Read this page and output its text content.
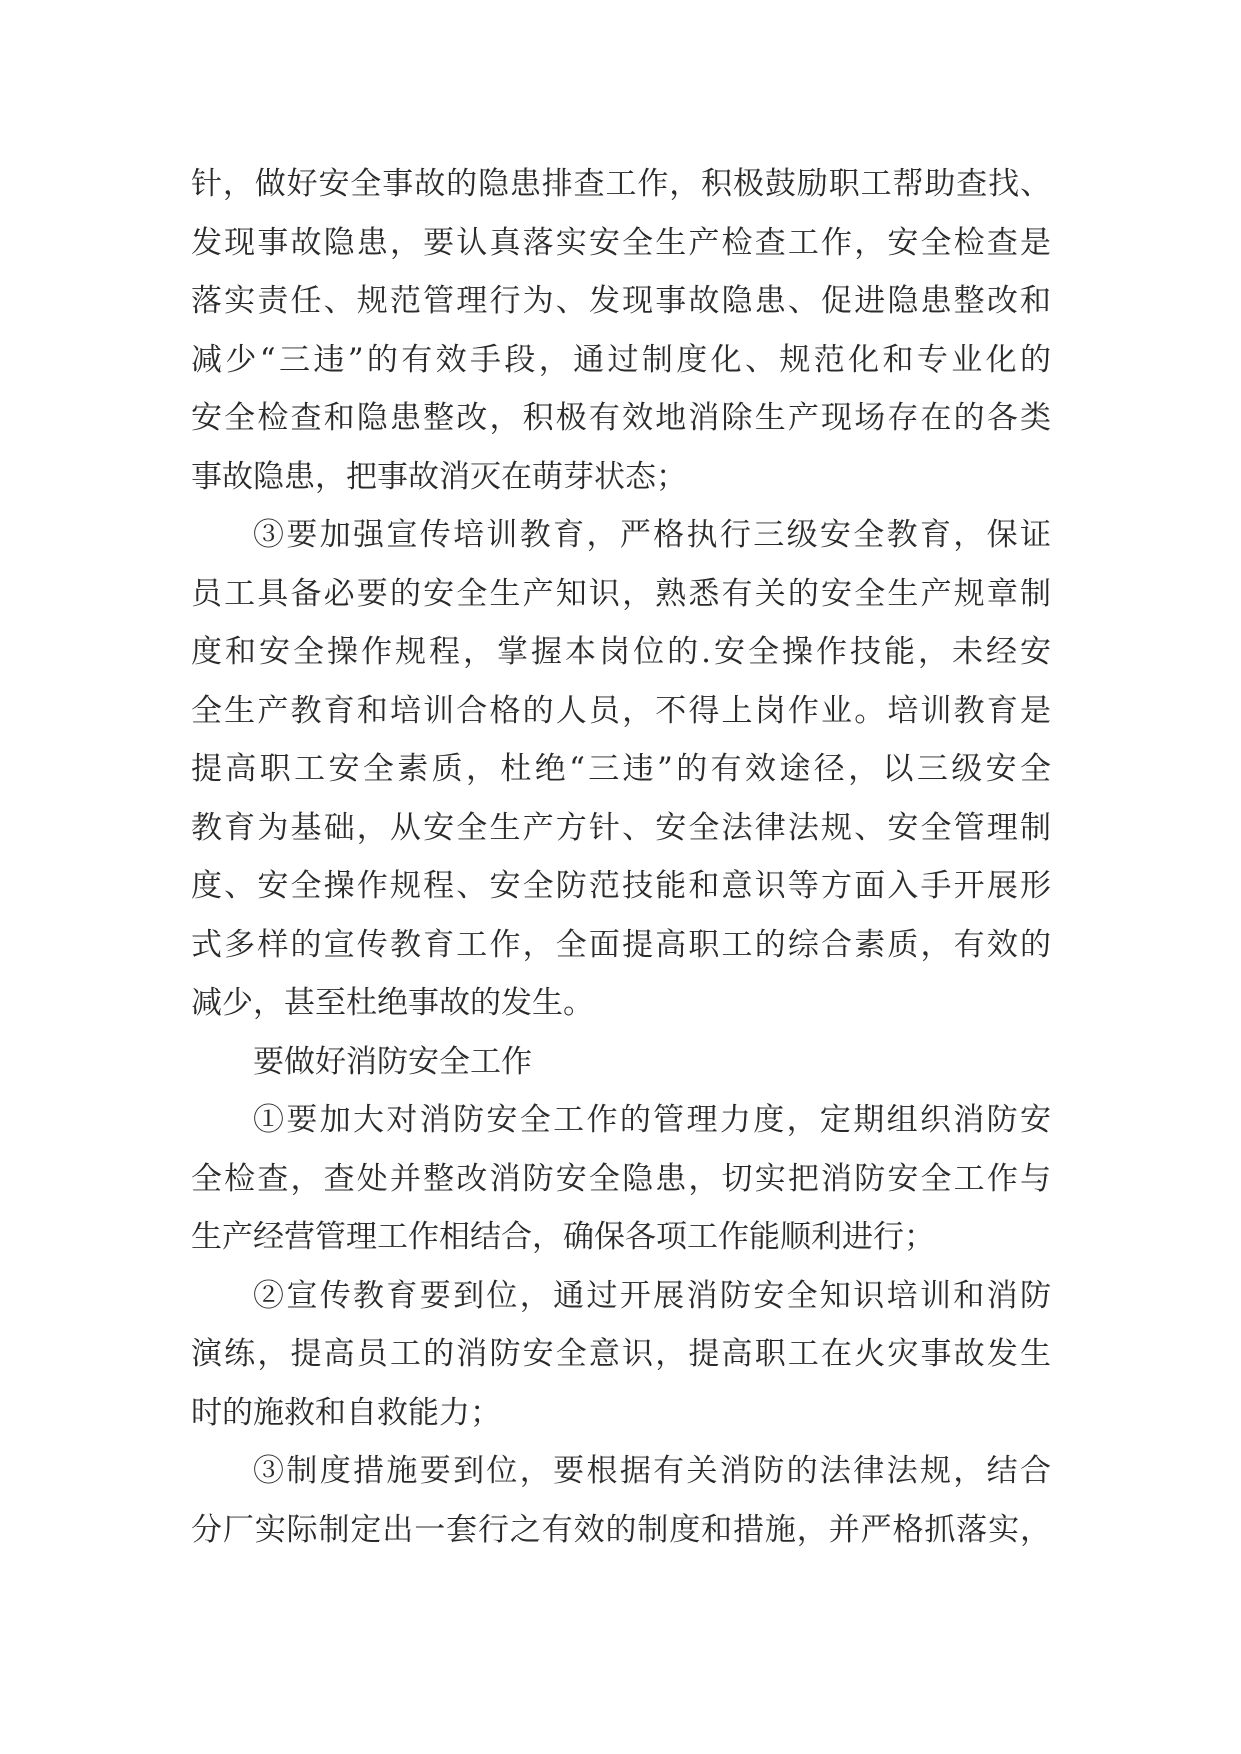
针，做好安全事故的隐患排查工作，积极鼓励职工帮助查找、
发现事故隐患，要认真落实安全生产检查工作，安全检查是
落实责任、规范管理行为、发现事故隐患、促进隐患整改和
减少“三违”的有效手段，通过制度化、规范化和专业化的
安全检查和隐患整改，积极有效地消除生产现场存在的各类
事故隐患，把事故消灭在萌芽状态；
③要加强宣传培训教育，严格执行三级安全教育，保证
员工具备必要的安全生产知识，熟悉有关的安全生产规章制
度和安全操作规程，掌握本岗位的.安全操作技能，未经安
全生产教育和培训合格的人员，不得上岗作业。培训教育是
提高职工安全素质，杜绝“三违”的有效途径，以三级安全
教育为基础，从安全生产方针、安全法律法规、安全管理制
度、安全操作规程、安全防范技能和意识等方面入手开展形
式多样的宣传教育工作，全面提高职工的综合素质，有效的
减少，甚至杜绝事故的发生。
要做好消防安全工作
①要加大对消防安全工作的管理力度，定期组织消防安
全检查，查处并整改消防安全隐患，切实把消防安全工作与
生产经营管理工作相结合，确保各项工作能顺利进行；
②宣传教育要到位，通过开展消防安全知识培训和消防
演练，提高员工的消防安全意识，提高职工在火灾事故发生
时的施救和自救能力；
③制度措施要到位，要根据有关消防的法律法规，结合
分厂实际制定出一套行之有效的制度和措施，并严格抓落实，
